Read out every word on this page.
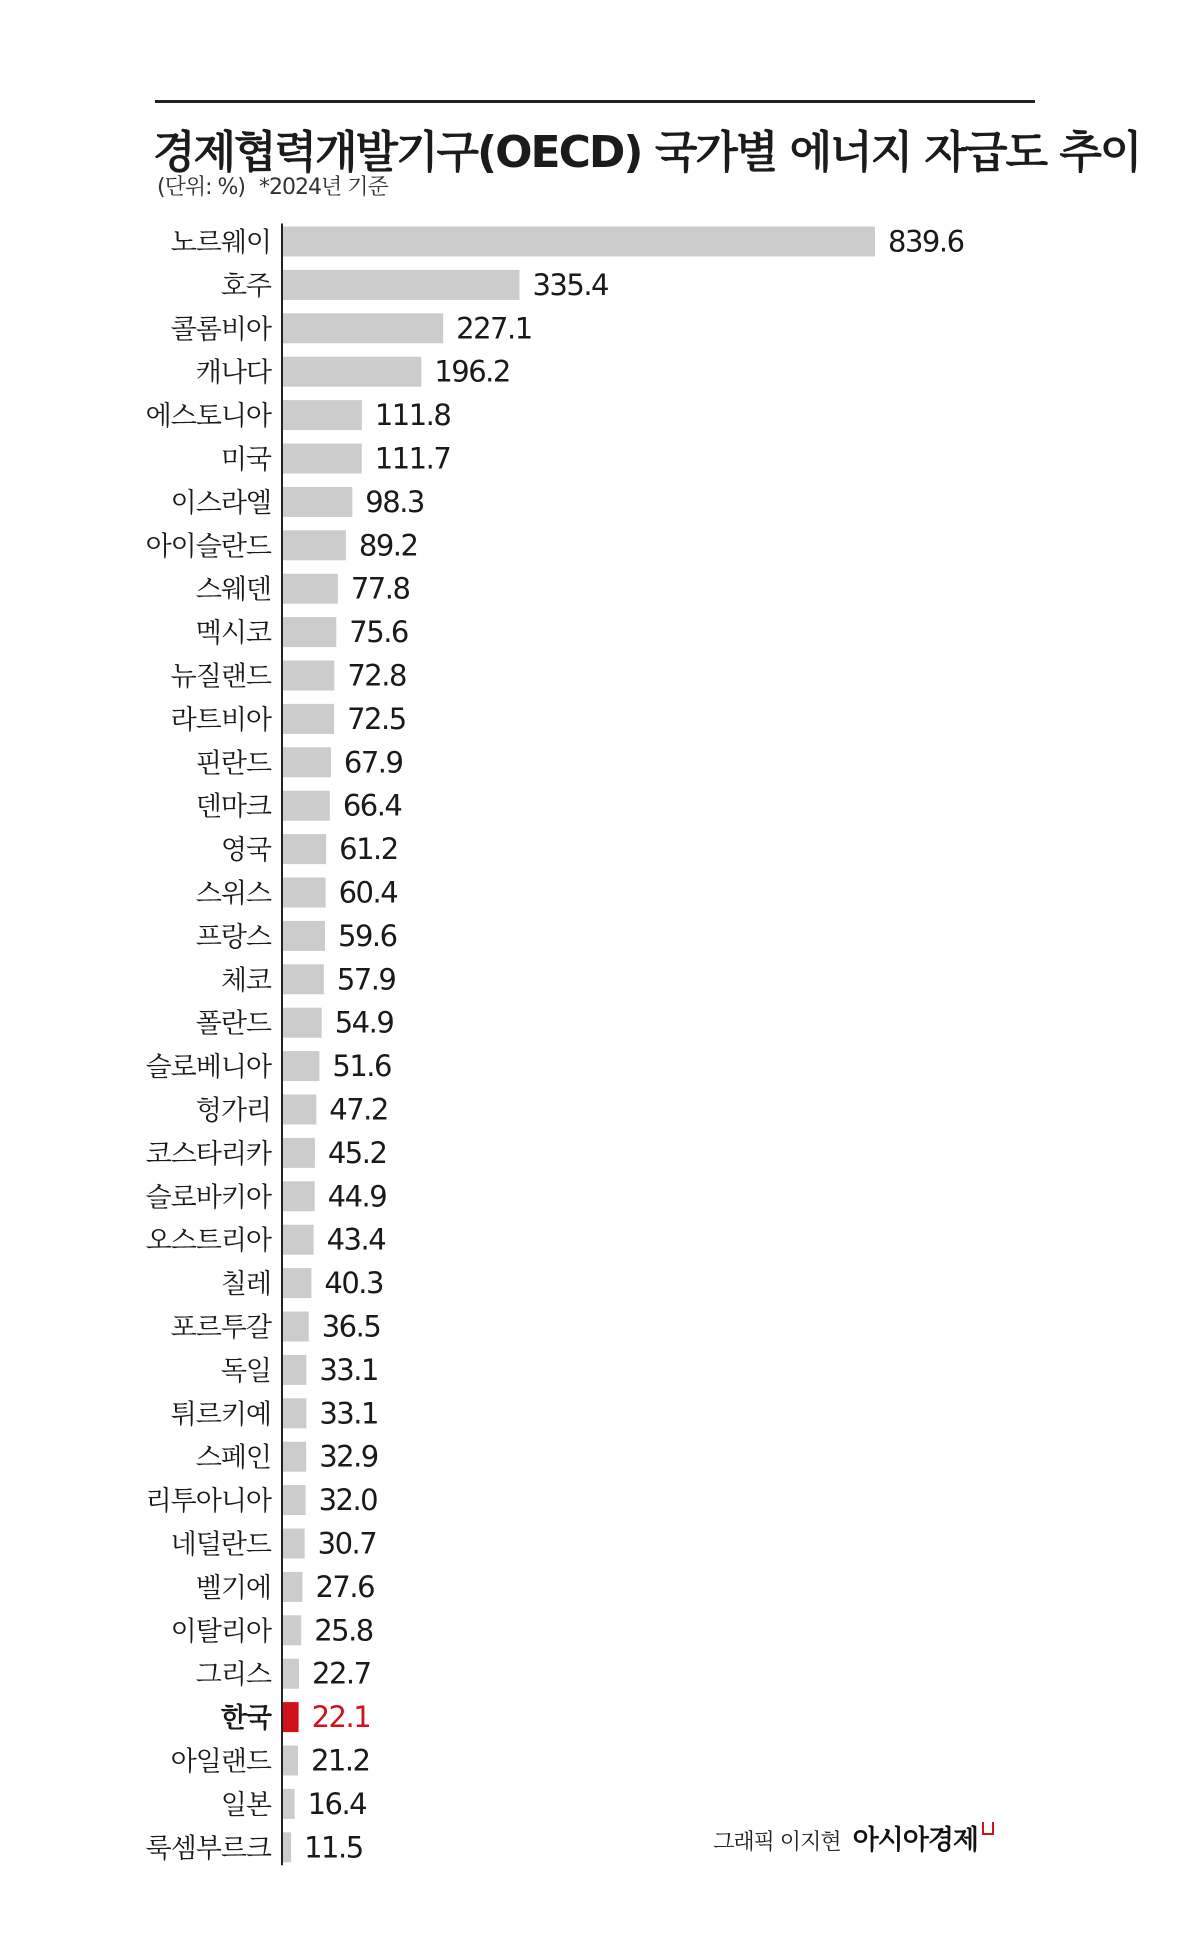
경제협력개발기구(OECD) 국가별 에너지 자급도 추이
(단위: %) *2024년 기준
노르웨이	839.6
호주	335.4
콜롬비아	227.1
캐나다	196.2
에스토니아	111.8
미국	111.7
이스라엘	98.3
아이슬란드	89.2
스웨덴	77.8
멕시코	75.6
뉴질랜드	72.8
라트비아	72.5
핀란드	67.9
덴마크 66.4
영국 61.2
스위스 60.4
프랑스 59.6
체코 57.9
폴란드 54.9
슬로베니아 51.6
헝가리 47.2
코스타리카 45.2
슬로바키아 44.9
오스트리아 43.4
칠레 40.3
포르투갈 36.5
독일 33.1
튀르키예 33.1
스페인 32.9
리투아니아 32.0
네덜란드 30.7
벨기에 27.6
이탈리아 25.8
그리스 22.7
한국 22.1
아일랜드 21.2
일본 16.4
룩셈부르크 11.5	그래픽 이지현 아시아경제
